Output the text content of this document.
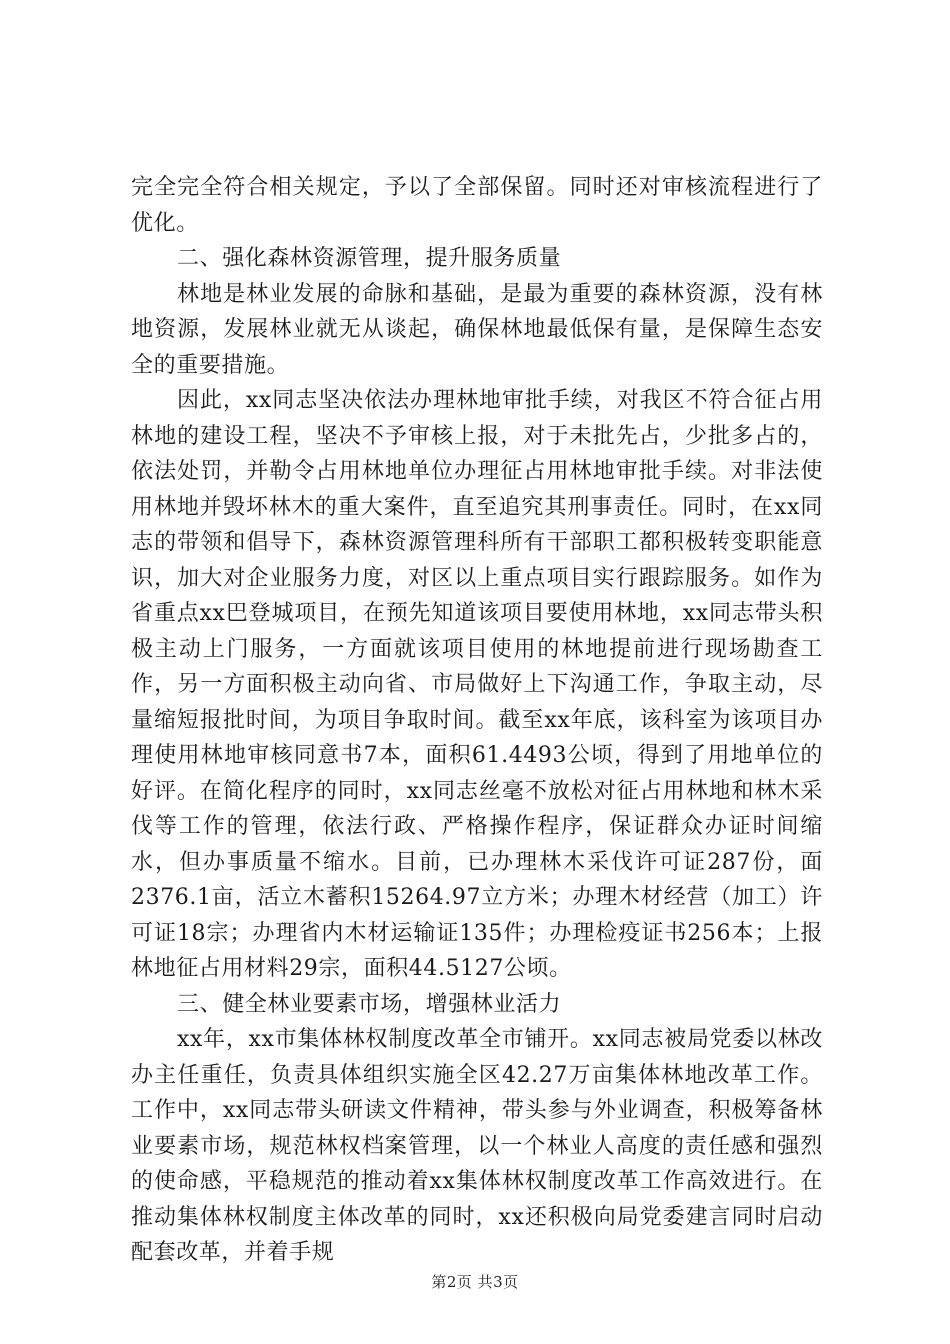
完全完全符合相关规定，予以了全部保留。同时还对审核流程进行了优化。

二、强化森林资源管理，提升服务质量

林地是林业发展的命脉和基础，是最为重要的森林资源，没有林地资源，发展林业就无从谈起，确保林地最低保有量，是保障生态安全的重要措施。

因此，xx同志坚决依法办理林地审批手续，对我区不符合征占用林地的建设工程，坚决不予审核上报，对于未批先占，少批多占的，依法处罚，并勒令占用林地单位办理征占用林地审批手续。对非法使用林地并毁坏林木的重大案件，直至追究其刑事责任。同时，在xx同志的带领和倡导下，森林资源管理科所有干部职工都积极转变职能意识，加大对企业服务力度，对区以上重点项目实行跟踪服务。如作为省重点xx巴登城项目，在预先知道该项目要使用林地，xx同志带头积极主动上门服务，一方面就该项目使用的林地提前进行现场勘查工作，另一方面积极主动向省、市局做好上下沟通工作，争取主动，尽量缩短报批时间，为项目争取时间。截至xx年底，该科室为该项目办理使用林地审核同意书7本，面积61.4493公顷，得到了用地单位的好评。在简化程序的同时，xx同志丝毫不放松对征占用林地和林木采伐等工作的管理，依法行政、严格操作程序，保证群众办证时间缩水，但办事质量不缩水。目前，已办理林木采伐许可证287份，面2376.1亩，活立木蓄积15264.97立方米；办理木材经营（加工）许可证18宗；办理省内木材运输证135件；办理检疫证书256本；上报林地征占用材料29宗，面积44.5127公顷。

三、健全林业要素市场，增强林业活力

xx年，xx市集体林权制度改革全市铺开。xx同志被局党委以林改办主任重任，负责具体组织实施全区42.27万亩集体林地改革工作。工作中，xx同志带头研读文件精神，带头参与外业调查，积极筹备林业要素市场，规范林权档案管理，以一个林业人高度的责任感和强烈的使命感，平稳规范的推动着xx集体林权制度改革工作高效进行。在推动集体林权制度主体改革的同时，xx还积极向局党委建言同时启动配套改革，并着手规

第2页 共3页
